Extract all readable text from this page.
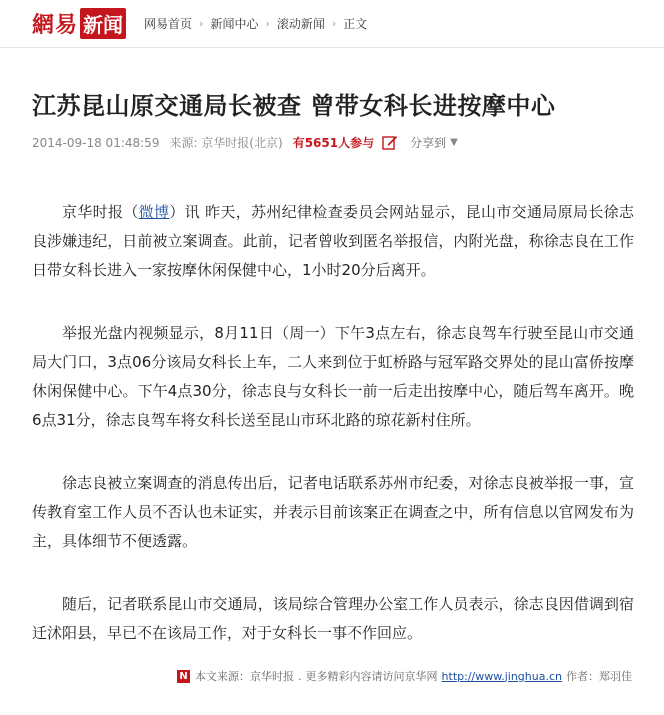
網易 新闻 网易首页 › 新闻中心 › 滚动新闻 › 正文
江苏昆山原交通局长被查 曾带女科长进按摩中心
2014-09-18 01:48:59 来源: 京华时报(北京) 有5651人参与	分享到 ▼

京华时报（微博）讯 昨天，苏州纪律检查委员会网站显示，昆山市交通局原局长徐志良涉嫌违纪，日前被立案调查。此前，记者曾收到匿名举报信，内附光盘，称徐志良在工作日带女科长进入一家按摩休闲保健中心，1小时20分后离开。

举报光盘内视频显示，8月11日（周一）下午3点左右，徐志良驾车行驶至昆山市交通局大门口，3点06分该局女科长上车，二人来到位于虹桥路与冠军路交界处的昆山富侨按摩休闲保健中心。下午4点30分，徐志良与女科长一前一后走出按摩中心，随后驾车离开。晚6点31分，徐志良驾车将女科长送至昆山市环北路的琼花新村住所。

徐志良被立案调查的消息传出后，记者电话联系苏州市纪委，对徐志良被举报一事，宣传教育室工作人员不否认也未证实，并表示目前该案正在调查之中，所有信息以官网发布为主，具体细节不便透露。

随后，记者联系昆山市交通局，该局综合管理办公室工作人员表示，徐志良因借调到宿迁沭阳县，早已不在该局工作，对于女科长一事不作回应。

N 本文来源：京华时报 . 更多精彩内容请访问京华网 http://www.jinghua.cn 作者：郑羽佳
